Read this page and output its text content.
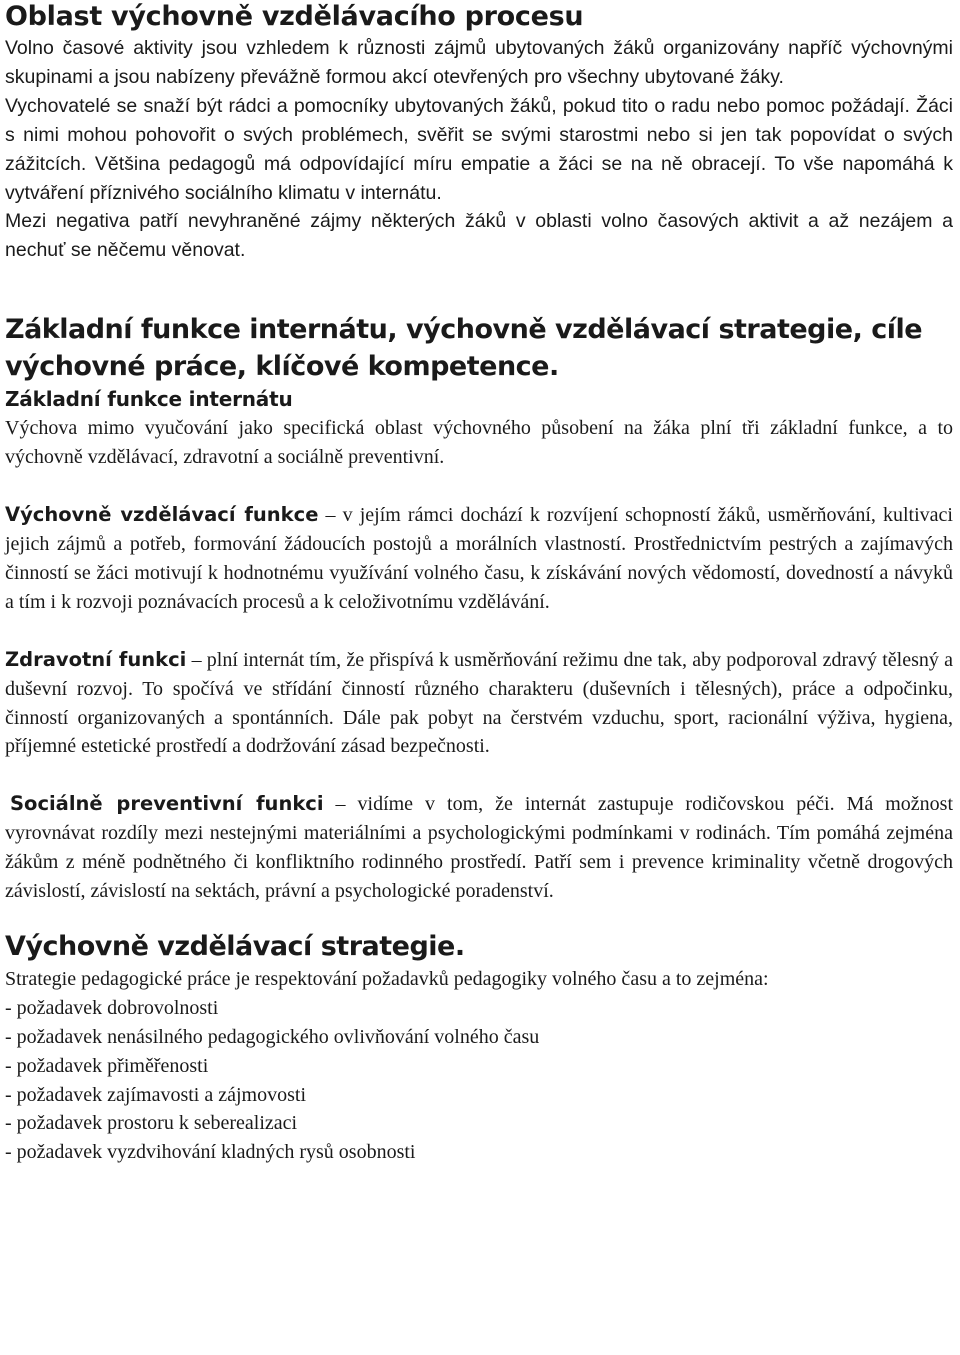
Oblast výchovně vzdělávacího procesu

Volno časové aktivity jsou vzhledem k různosti zájmů ubytovaných žáků organizovány napříč výchovnými skupinami a jsou nabízeny převážně formou akcí otevřených pro všechny ubytované žáky.

Vychovatelé se snaží být rádci a pomocníky ubytovaných žáků, pokud tito o radu nebo pomoc požádají. Žáci s nimi mohou pohovořit o svých problémech, svěřit se svými starostmi nebo si jen tak popovídat o svých zážitcích. Většina pedagogů má odpovídající míru empatie a žáci se na ně obracejí. To vše napomáhá k vytváření příznivého sociálního klimatu v internátu.

Mezi negativa patří nevyhraněné zájmy některých žáků v oblasti volno časových aktivit a až nezájem a nechuť se něčemu věnovat.

Základní funkce internátu, výchovně vzdělávací strategie, cíle výchovné práce, klíčové kompetence.
Základní funkce internátu

Výchova mimo vyučování jako specifická oblast výchovného působení na žáka plní tři základní funkce, a to výchovně vzdělávací, zdravotní a sociálně preventivní.

Výchovně vzdělávací funkce – v jejím rámci dochází k rozvíjení schopností žáků, usměrňování, kultivaci jejich zájmů a potřeb, formování žádoucích postojů a morálních vlastností. Prostřednictvím pestrých a zajímavých činností se žáci motivují k hodnotnému využívání volného času, k získávání nových vědomostí, dovedností a návyků a tím i k rozvoji poznávacích procesů a k celoživotnímu vzdělávání.

Zdravotní funkci – plní internát tím, že přispívá k usměrňování režimu dne tak, aby podporoval zdravý tělesný a duševní rozvoj. To spočívá ve střídání činností různého charakteru (duševních i tělesných), práce a odpočinku, činností organizovaných a spontánních. Dále pak pobyt na čerstvém vzduchu, sport, racionální výživa, hygiena, příjemné estetické prostředí a dodržování zásad bezpečnosti.

Sociálně preventivní funkci – vidíme v tom, že internát zastupuje rodičovskou péči. Má možnost vyrovnávat rozdíly mezi nestejnými materiálními a psychologickými podmínkami v rodinách. Tím pomáhá zejména žákům z méně podnětného či konfliktního rodinného prostředí. Patří sem i prevence kriminality včetně drogových závislostí, závislostí na sektách, právní a psychologické poradenství.

Výchovně vzdělávací strategie.

Strategie pedagogické práce je respektování požadavků pedagogiky volného času a to zejména:

- požadavek dobrovolnosti
- požadavek nenásilného pedagogického ovlivňování volného času
- požadavek přiměřenosti
- požadavek zajímavosti a zájmovosti
- požadavek prostoru k seberealizaci
- požadavek vyzdvihování kladných rysů osobnosti
